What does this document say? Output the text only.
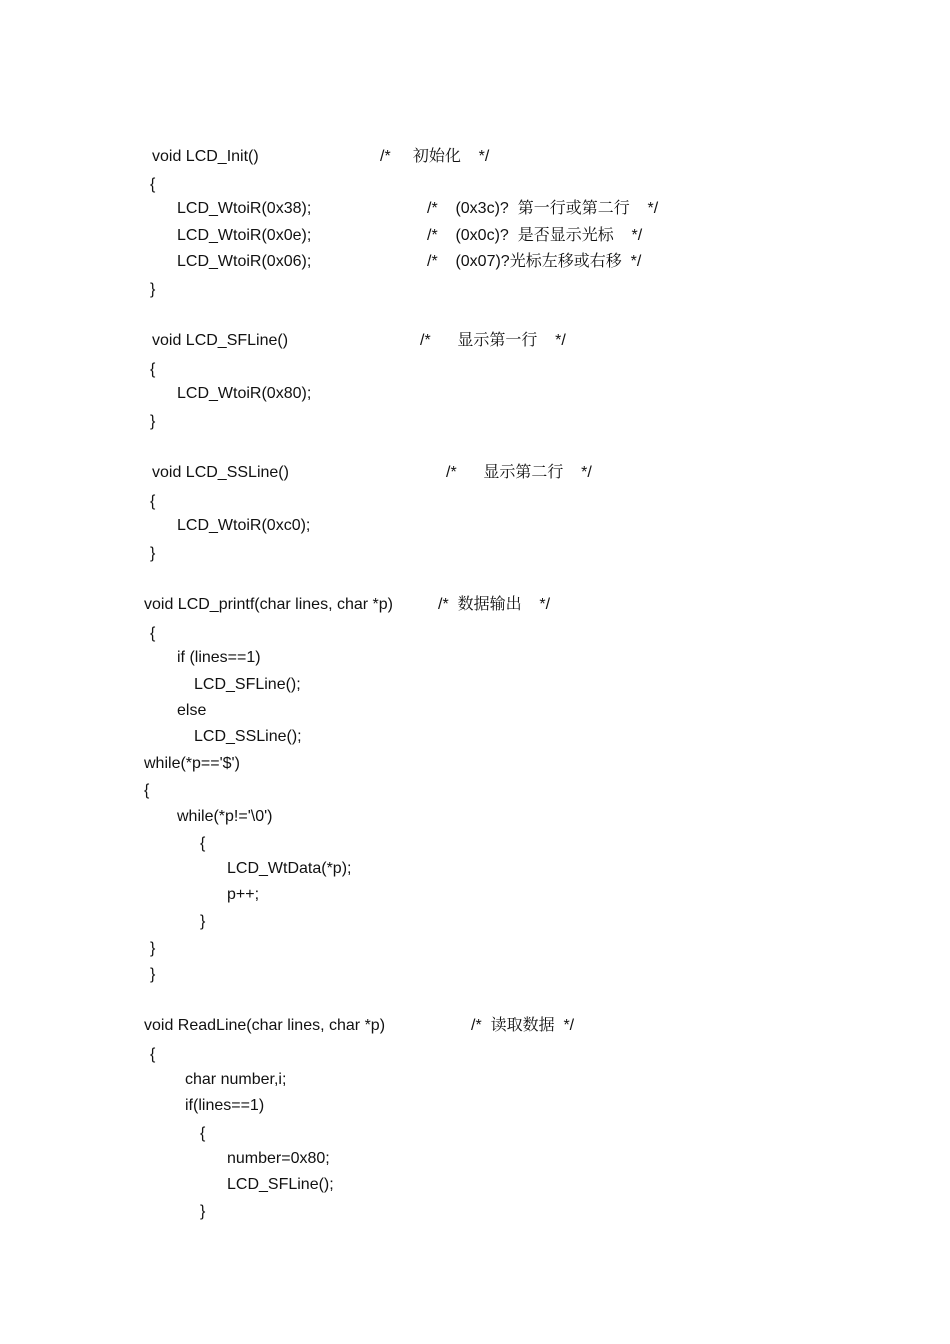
void LCD_Init()	/*     初始化    */
{
LCD_WtoiR(0x38);	/*    (0x3c)?  第一行或第二行    */
LCD_WtoiR(0x0e);	/*    (0x0c)?  是否显示光标    */
LCD_WtoiR(0x06);	/*    (0x07)?光标左移或右移  */
}
void LCD_SFLine()	/*      显示第一行    */
{
LCD_WtoiR(0x80);
}
void LCD_SSLine()	/*      显示第二行    */
{
LCD_WtoiR(0xc0);
}
void LCD_printf(char lines, char *p)	/*  数据输出    */
{
if (lines==1)
LCD_SFLine();
else
LCD_SSLine();
while(*p=='$')
{
while(*p!='\0')
{
LCD_WtData(*p);
p++;
}
}
}
void ReadLine(char lines, char *p)	/*  读取数据  */
{
char number,i;
if(lines==1)
{
number=0x80;
LCD_SFLine();
}
